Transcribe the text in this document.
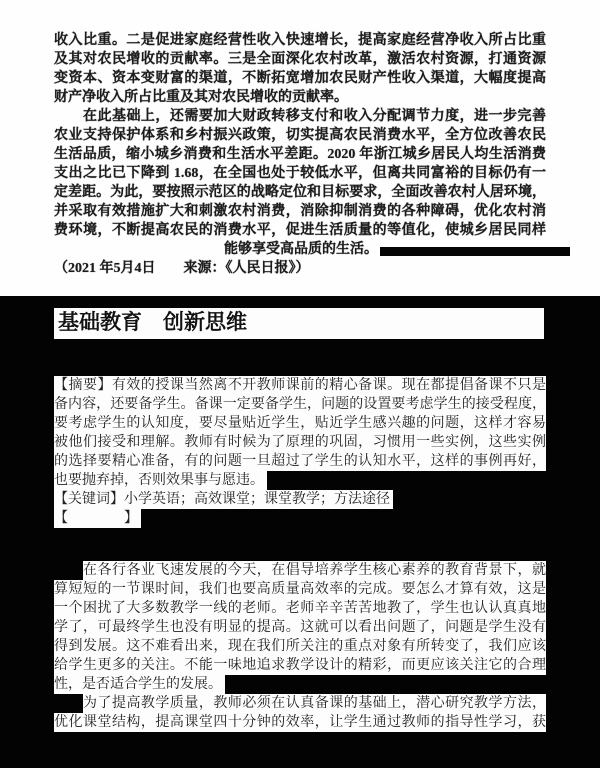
收入比重。二是促进家庭经营性收入快速增长，提高家庭经营净收入所占比重
及其对农民增收的贡献率。三是全面深化农村改革，激活农村资源，打通资源
变资本、资本变财富的渠道，不断拓宽增加农民财产性收入渠道，大幅度提高
财产净收入所占比重及其对农民增收的贡献率。
在此基础上，还需要加大财政转移支付和收入分配调节力度，进一步完善
农业支持保护体系和乡村振兴政策，切实提高农民消费水平，全方位改善农民
生活品质，缩小城乡消费和生活水平差距。2020 年浙江城乡居民人均生活消费
支出之比已下降到 1.68，在全国也处于较低水平，但离共同富裕的目标仍有一
定差距。为此，要按照示范区的战略定位和目标要求，全面改善农村人居环境，
并采取有效措施扩大和刺激农村消费，消除抑制消费的各种障碍，优化农村消
费环境，不断提高农民的消费水平，促进生活质量的等值化，使城乡居民同样
能够享受高品质的生活。
（2021 年5月4日　　来源：《人民日报》）
基础教育　创新思维
【摘要】有效的授课当然离不开教师课前的精心备课。现在都提倡备课不只是
备内容，还要备学生。备课一定要备学生，问题的设置要考虑学生的接受程度，
要考虑学生的认知度，要尽量贴近学生，贴近学生感兴趣的问题，这样才容易
被他们接受和理解。教师有时候为了原理的巩固，习惯用一些实例，这些实例
的选择要精心准备，有的问题一旦超过了学生的认知水平，这样的事例再好，
也要抛弃掉，否则效果事与愿违。
【关键词】小学英语；高效课堂；课堂教学；方法途径
【　　　　】
在各行各业飞速发展的今天，在倡导培养学生核心素养的教育背景下，就
算短短的一节课时间，我们也要高质量高效率的完成。要怎么才算有效，这是
一个困扰了大多数教学一线的老师。老师辛辛苦苦地教了，学生也认认真真地
学了，可最终学生也没有明显的提高。这就可以看出问题了，问题是学生没有
得到发展。这不难看出来，现在我们所关注的重点对象有所转变了，我们应该
给学生更多的关注。不能一味地追求教学设计的精彩，而更应该关注它的合理
性，是否适合学生的发展。
为了提高教学质量，教师必须在认真备课的基础上，潜心研究教学方法，
优化课堂结构，提高课堂四十分钟的效率，让学生通过教师的指导性学习，获
